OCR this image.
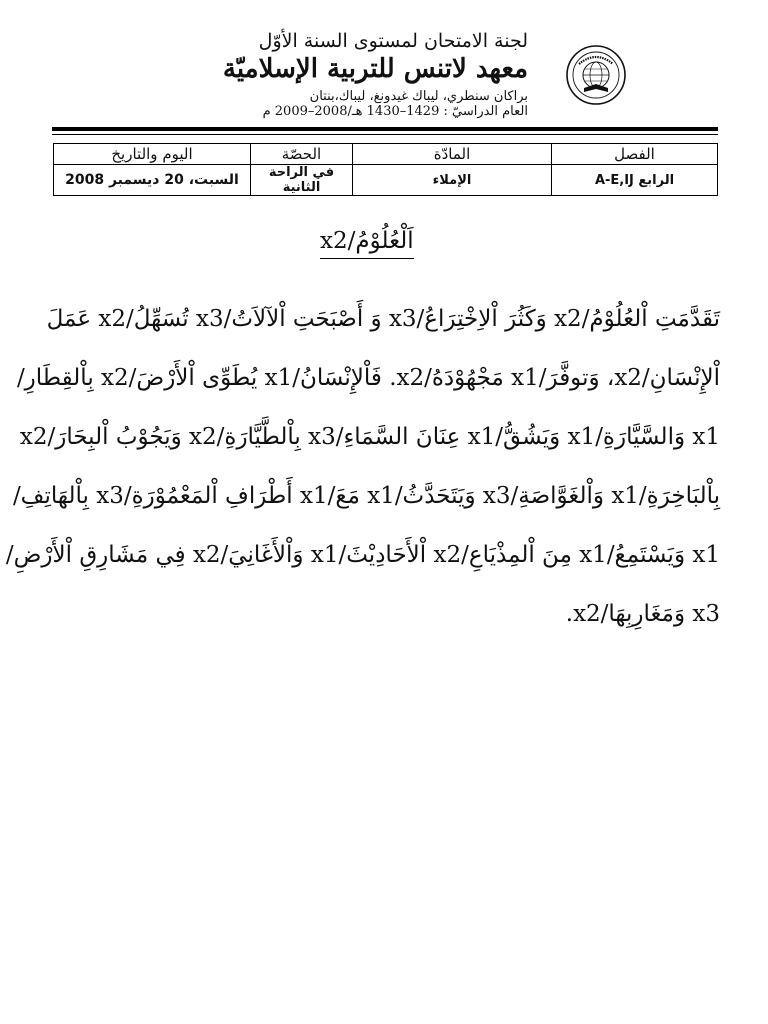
لجنة الامتحان لمستوى السنة الأوّل
معهد لاتنس للتربية الإسلاميّة
براكان سنطري، ليباك غيدونغ، ليباك،بنتان
العام الدراسيّ : 1429–1430 هـ/2008–2009 م
الفصل	المادّة	الحصّة	اليوم والتاريخ

الرابع A-E,IJ	الإملاء	في الراحة الثانية	السبت، 20 ديسمبر 2008
اَلْعُلُوْمُ/x2
تَقَدَّمَتِ اْلعُلُوْمُ/x2 وَكَثُرَ اْلاِخْتِرَاعُ/x3 وَ أَصْبَحَتِ اْلآلاَتُ/x3 تُسَهِّلُ/x2 عَمَلَ
اْلإِنْسَانِ/x2، وَتوفَّرَ/x1 مَجْهُوْدَهُ/x2. فَاْلإِنْسَانُ/x1 يُطَوِّى اْلأَرْضَ/x2 بِاْلقِطَارِ/
x1 وَالسَّيَّارَةِ/x1 وَيَشُقُّ/x1 عِنَانَ السَّمَاءِ/x3 بِاْلطَّيَّارَةِ/x2 وَيَجُوْبُ اْلبِحَارَ/x2
بِاْلبَاخِرَةِ/x1 وَاْلغَوَّاصَةِ/x3 وَيَتَحَدَّثُ/x1 مَعَ/x1 أَطْرَافِ اْلمَعْمُوْرَةِ/x3 بِاْلهَاتِفِ/
x1 وَيَسْتَمِعُ/x1 مِنَ اْلمِذْيَاعِ/x2 اْلأَحَادِيْثَ/x1 وَاْلأَغَانِيَ/x2 فِي مَشَارِقِ اْلأَرْضِ/
x3 وَمَغَارِبِهَا/x2.
